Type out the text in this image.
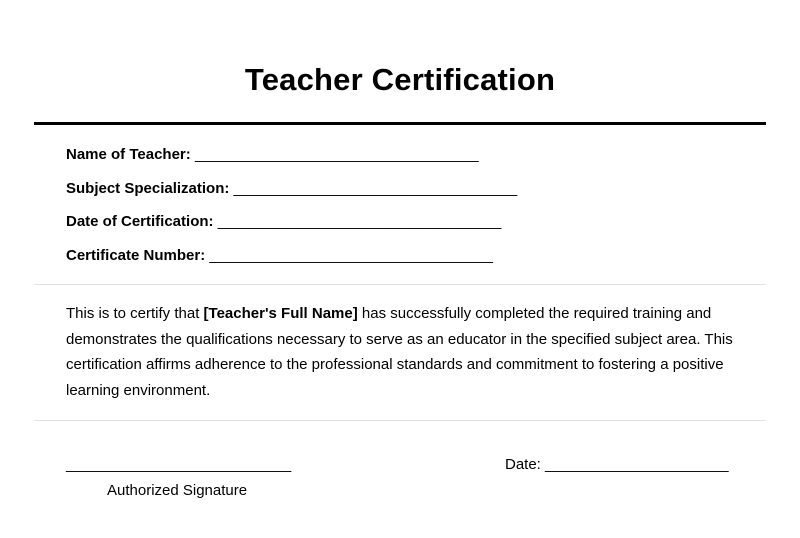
Teacher Certification
Name of Teacher: __________________________________
Subject Specialization: __________________________________
Date of Certification: __________________________________
Certificate Number: __________________________________

This is to certify that [Teacher's Full Name] has successfully completed the required training and demonstrates the qualifications necessary to serve as an educator in the specified subject area. This certification affirms adherence to the professional standards and commitment to fostering a positive learning environment.

___________________________
Authorized Signature
Date: ______________________
